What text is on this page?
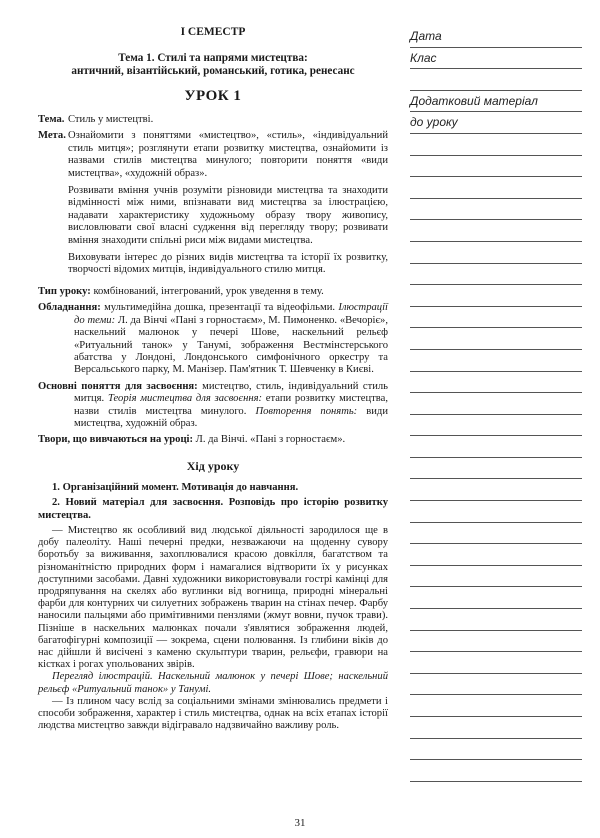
І СЕМЕСТР
Тема 1. Стилі та напрями мистецтва:
античний, візантійський, романський, готика, ренесанс
УРОК 1
Тема. Стиль у мистецтві.
Мета. Ознайомити з поняттями «мистецтво», «стиль», «індивідуальний стиль митця»; розглянути етапи розвитку мистецтва, ознайомити із назвами стилів мистецтва минулого; повторити поняття «види мистецтва», «художній образ».

Розвивати вміння учнів розуміти різновиди мистецтва та знаходити відмінності між ними, впізнавати вид мистецтва за ілюстрацією, надавати характеристику художньому образу твору живопису, висловлювати свої власні судження від перегляду твору; розвивати вміння знаходити спільні риси між видами мистецтва.

Виховувати інтерес до різних видів мистецтва та історії їх розвитку, творчості відомих митців, індивідуального стилю митця.

Тип уроку: комбінований, інтегрований, урок уведення в тему.
Обладнання: мультимедійна дошка, презентації та відеофільми. Ілюстрації до теми: Л. да Вінчі «Пані з горностаєм», М. Пимоненко. «Вечоріє», наскельний малюнок у печері Шове, наскельний рельєф «Ритуальний танок» у Танумі, зображення Вестмінстерського абатства у Лондоні, Лондонського симфонічного оркестру та Версальського парку, М. Манізер. Пам'ятник Т. Шевченку в Києві.
Основні поняття для засвоєння: мистецтво, стиль, індивідуальний стиль митця. Теорія мистецтва для засвоєння: етапи розвитку мистецтва, назви стилів мистецтва минулого. Повторення понять: види мистецтва, художній образ.
Твори, що вивчаються на уроці: Л. да Вінчі. «Пані з горностаєм».
Хід уроку
1. Організаційний момент. Мотивація до навчання.
2. Новий матеріал для засвоєння. Розповідь про історію розвитку мистецтва.

— Мистецтво як особливий вид людської діяльності зародилося ще в добу палеоліту. Наші печерні предки, незважаючи на щоденну сувору боротьбу за виживання, захоплювалися красою довкілля, багатством та різноманітністю природних форм і намагалися відтворити їх у рисунках доступними засобами. Давні художники використовували гострі камінці для продряпування на скелях або вуглинки від вогнища, природні мінеральні фарби для контурних чи силуетних зображень тварин на стінах печер. Фарбу наносили пальцями або примітивними пензлями (жмут вовни, пучок трави). Пізніше в наскельних малюнках почали з'являтися зображення людей, багатофігурні композиції — зокрема, сцени полювання. Із глибини віків до нас дійшли й висічені з каменю скульптури тварин, рельєфи, гравюри на кістках і рогах упольованих звірів.

Перегляд ілюстрацій. Наскельний малюнок у печері Шове; наскельний рельєф «Ритуальний танок» у Танумі.

— Із плином часу вслід за соціальними змінами змінювались предмети і способи зображення, характер і стиль мистецтва, однак на всіх етапах історії людства мистецтво завжди відігравало надзвичайно важливу роль.

Дата
Клас
Додатковий матеріал
до уроку
31
